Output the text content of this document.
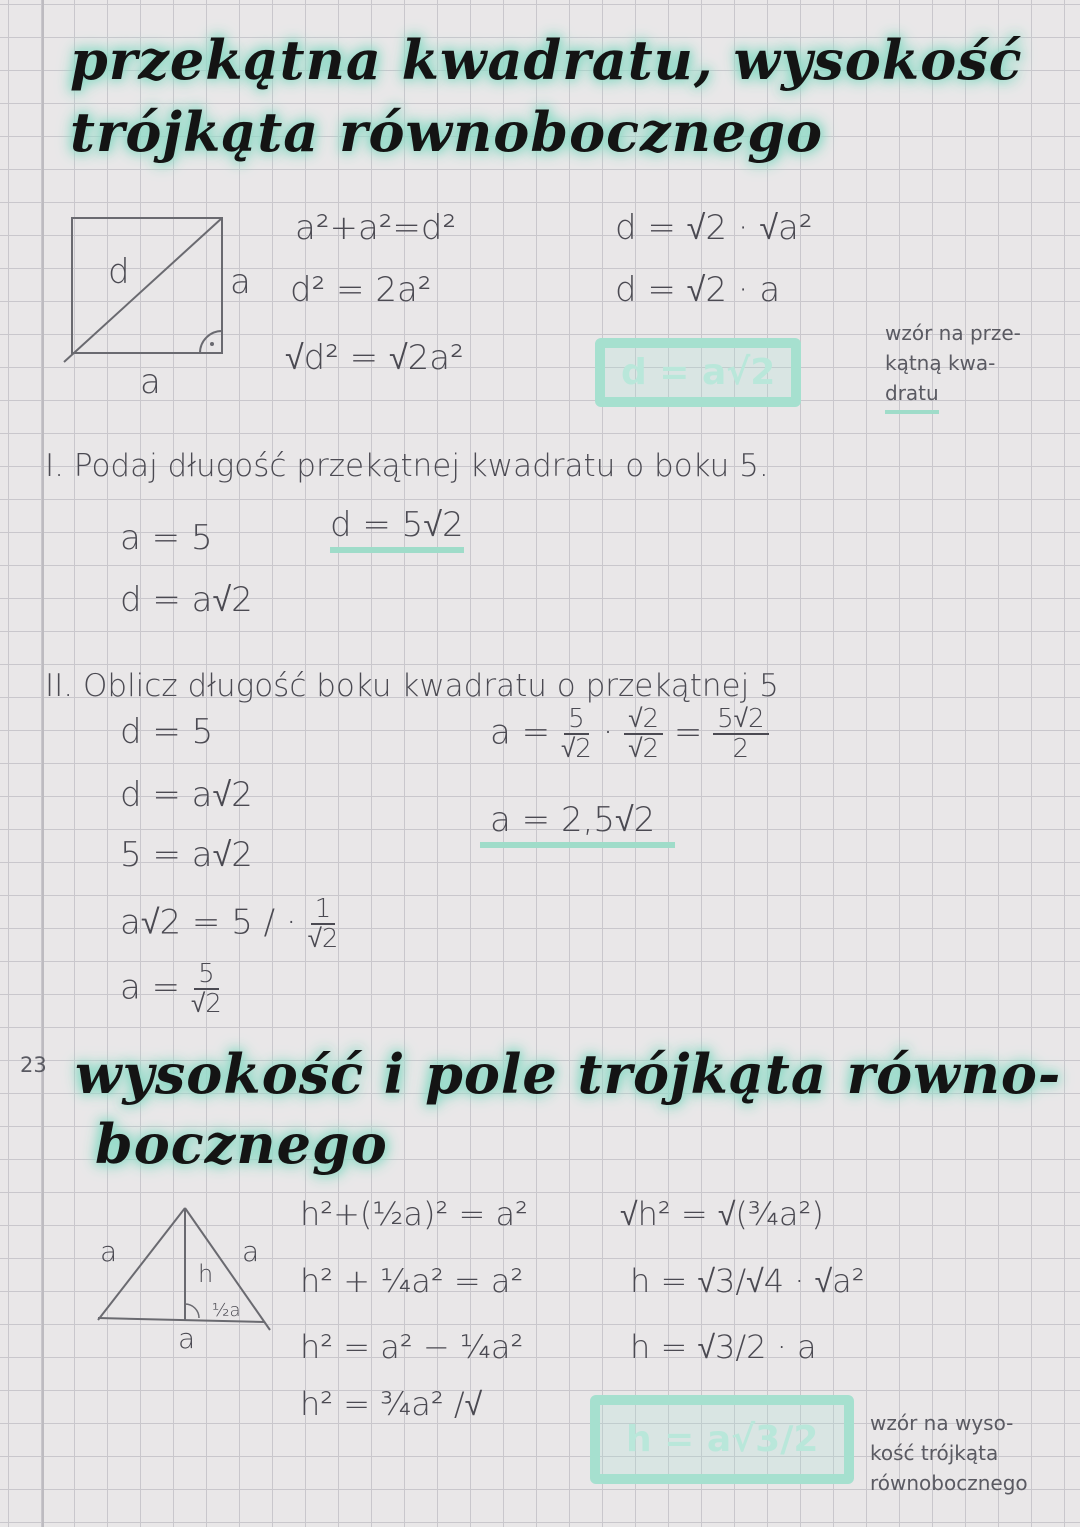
przekątna kwadratu, wysokość
trójkąta równobocznego
d	a
a
a²+a²=d²
d² = 2a²
√d² = √2a²
d = √2 · √a²
d = √2 · a
d = a√2
wzór na prze-
kątną kwa-
dratu
I. Podaj długość przekątnej kwadratu o boku 5.
a = 5	d = 5√2
d = a√2
II. Oblicz długość boku kwadratu o przekątnej 5
d = 5
d = a√2
5 = a√2
a√2 = 5 / · $\frac{1}{√2}$
$a = \frac{5}{√2}$
$a = \frac{5}{√2} \cdot \frac{√2}{√2} = \frac{5√2}{2}$
a = 2,5√2
23 wysokość i pole trójkąta równo-
bocznego
a	a
h
½a
a
h²+(½a)² = a²
h² + ¼a² = a²
h² = a² − ¼a²
h² = ¾a² /√
√h² = √(¾a²)
h = √3/√4 · √a²
h = √3/2 · a
h = a√3/2	wzór na wyso-
kość trójkąta
równobocznego
